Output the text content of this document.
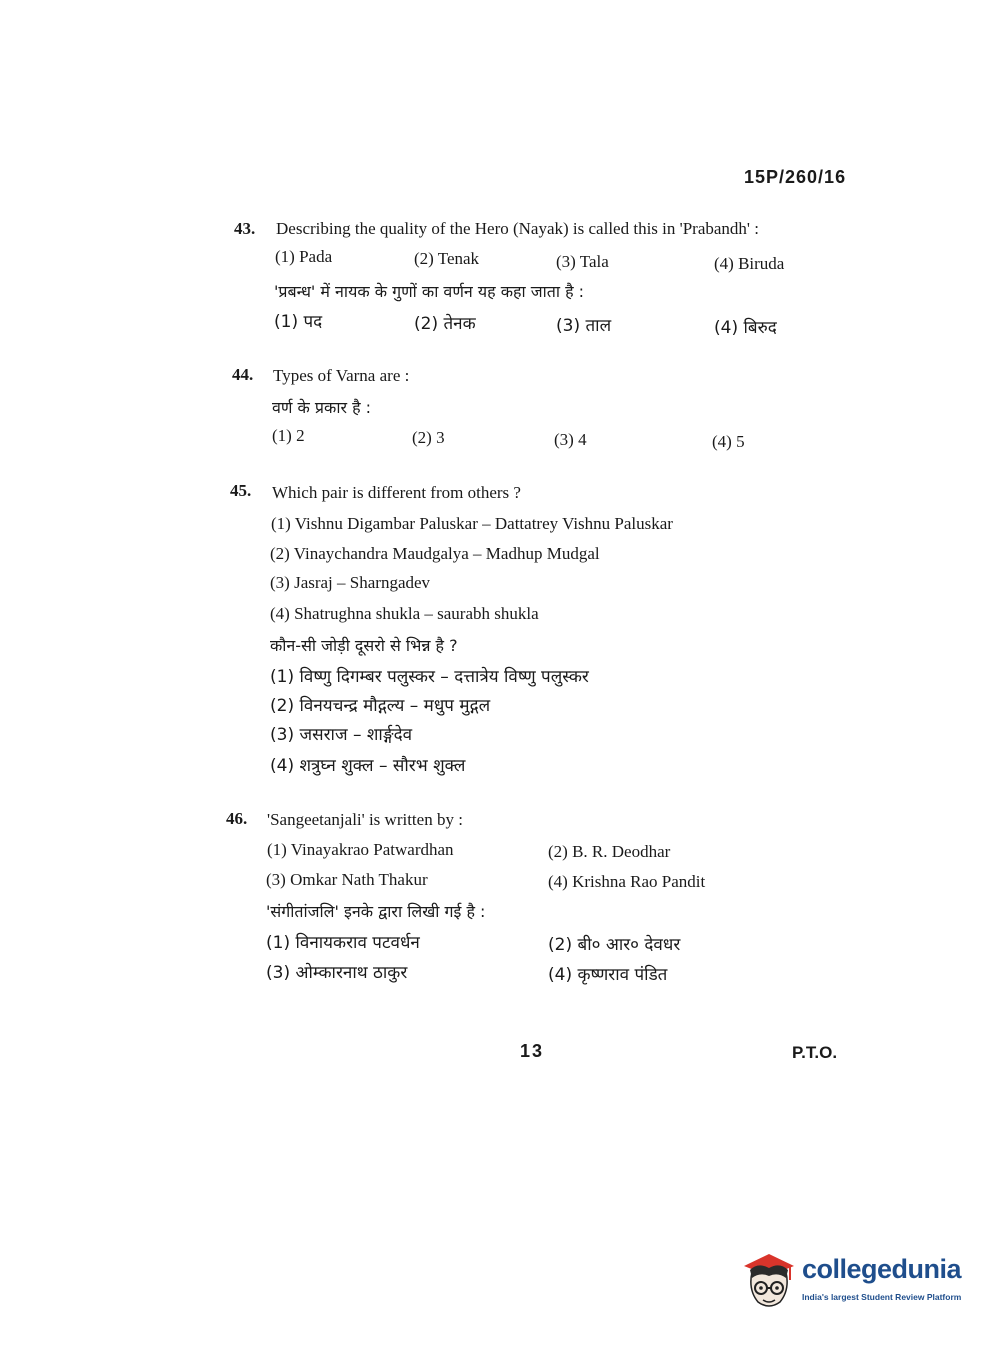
15P/260/16
43. Describing the quality of the Hero (Nayak) is called this in 'Prabandh' :
(1) Pada	(2) Tenak	(3) Tala	(4) Biruda
'प्रबन्ध' में नायक के गुणों का वर्णन यह कहा जाता है :
(1) पद	(2) तेनक	(3) ताल	(4) बिरुद
44. Types of Varna are :
वर्ण के प्रकार है :
(1) 2	(2) 3	(3) 4	(4) 5
45. Which pair is different from others ?
(1) Vishnu Digambar Paluskar – Dattatrey Vishnu Paluskar
(2) Vinaychandra Maudgalya – Madhup Mudgal
(3) Jasraj – Sharngadev
(4) Shatrughna shukla – saurabh shukla
कौन-सी जोड़ी दूसरो से भिन्न है ?
(1) विष्णु दिगम्बर पलुस्कर – दत्तात्रेय विष्णु पलुस्कर
(2) विनयचन्द्र मौद्गल्य – मधुप मुद्गल
(3) जसराज – शार्ङ्गदेव
(4) शत्रुघ्न शुक्ल – सौरभ शुक्ल
46. 'Sangeetanjali' is written by :
(1) Vinayakrao Patwardhan	(2) B. R. Deodhar
(3) Omkar Nath Thakur	(4) Krishna Rao Pandit
'संगीतांजलि' इनके द्वारा लिखी गई है :
(1) विनायकराव पटवर्धन	(2) बी० आर० देवधर
(3) ओम्कारनाथ ठाकुर	(4) कृष्णराव पंडित
13	P.T.O.
collegedunia
India's largest Student Review Platform
